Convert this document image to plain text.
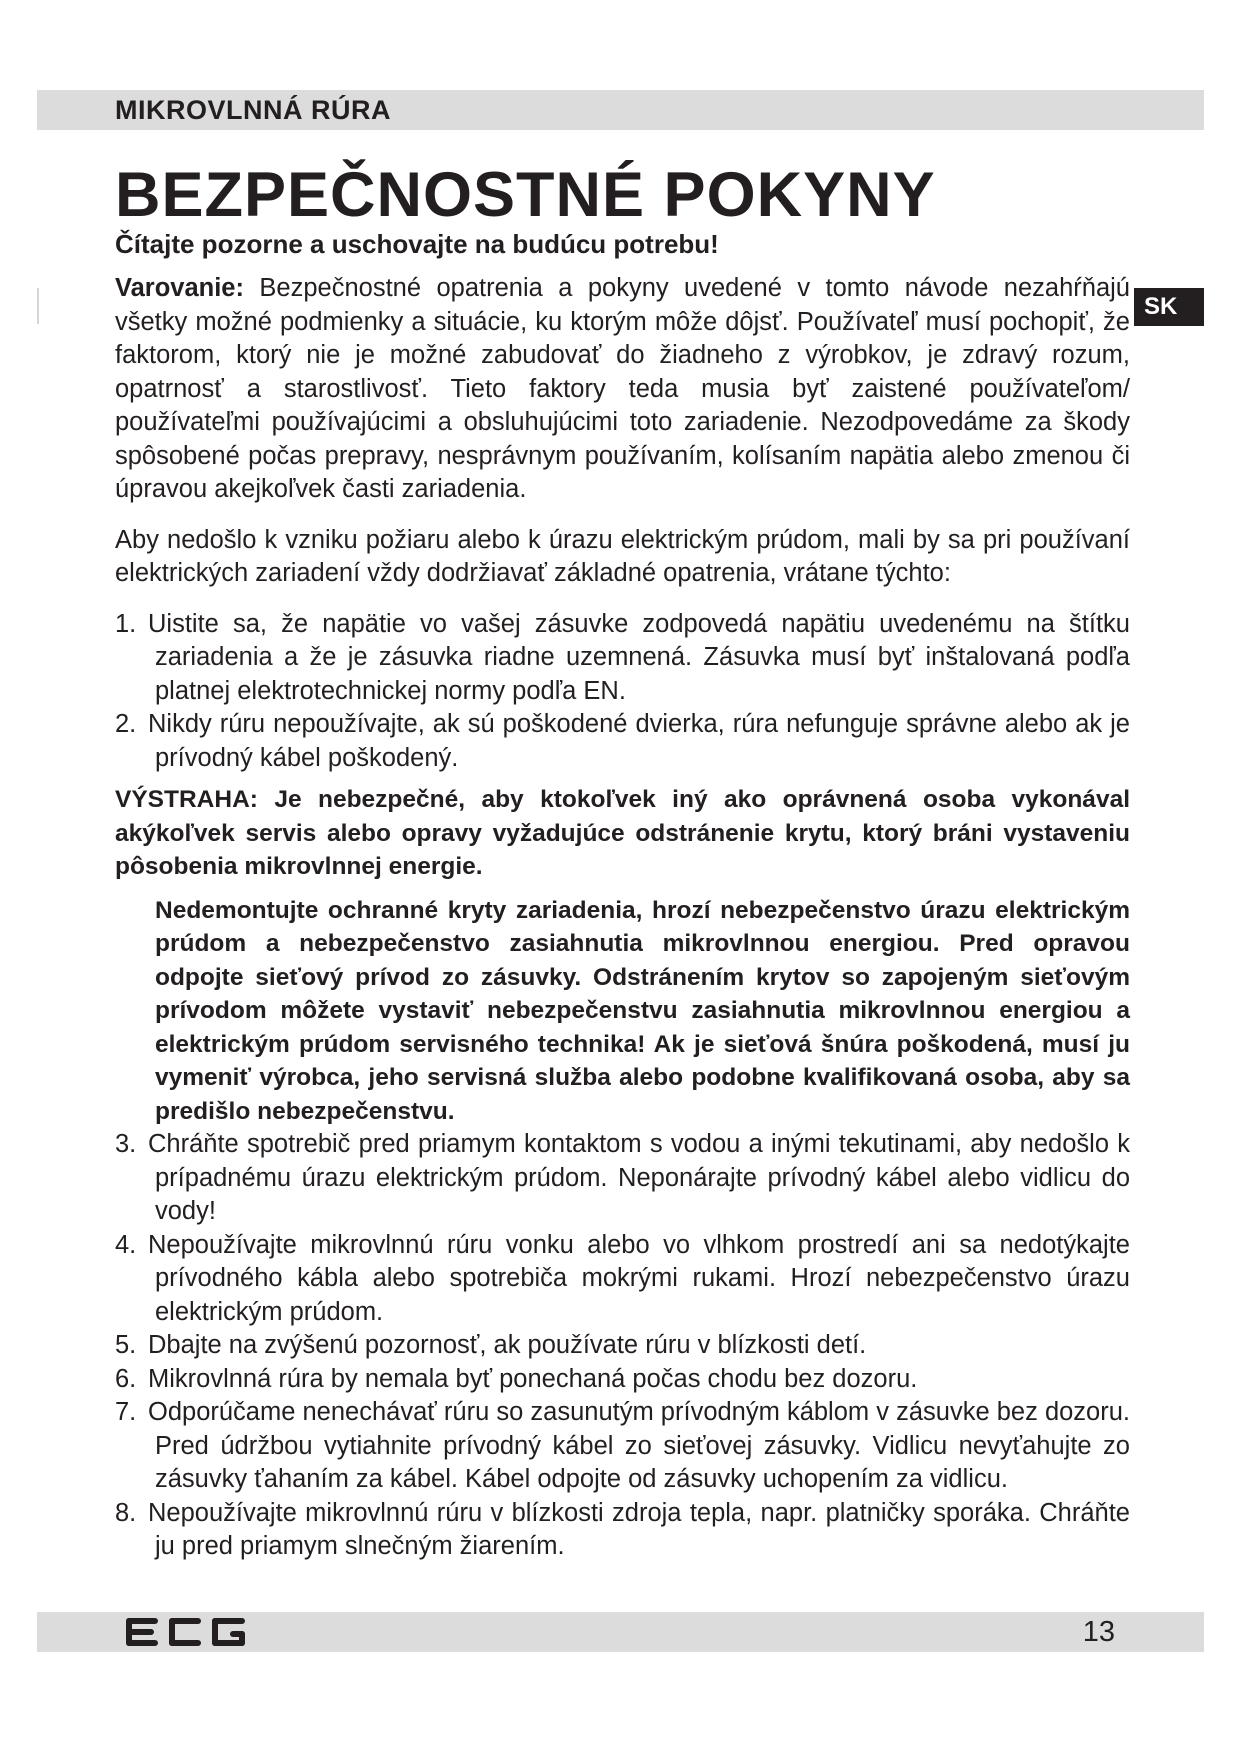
MIKROVLNNÁ RÚRA
BEZPEČNOSTNÉ POKYNY
Čítajte pozorne a uschovajte na budúcu potrebu!
SK

Varovanie: Bezpečnostné opatrenia a pokyny uvedené v tomto návode nezahŕňajú všetky možné podmienky a situácie, ku ktorým môže dôjsť. Používateľ musí pochopiť, že faktorom, ktorý nie je možné zabudovať do žiadneho z výrobkov, je zdravý rozum, opatrnosť a starostlivosť. Tieto faktory teda musia byť zaistené používateľom/ používateľmi používajúcimi a obsluhujúcimi toto zariadenie. Nezodpovedáme za škody spôsobené počas prepravy, nesprávnym používaním, kolísaním napätia alebo zmenou či úpravou akejkoľvek časti zariadenia.

Aby nedošlo k vzniku požiaru alebo k úrazu elektrickým prúdom, mali by sa pri používaní elektrických zariadení vždy dodržiavať základné opatrenia, vrátane týchto:

1. Uistite sa, že napätie vo vašej zásuvke zodpovedá napätiu uvedenému na štítku zariadenia a že je zásuvka riadne uzemnená. Zásuvka musí byť inštalovaná podľa platnej elektrotechnickej normy podľa EN.
2. Nikdy rúru nepoužívajte, ak sú poškodené dvierka, rúra nefunguje správne alebo ak je prívodný kábel poškodený.

VÝSTRAHA: Je nebezpečné, aby ktokoľvek iný ako oprávnená osoba vykonával akýkoľvek servis alebo opravy vyžadujúce odstránenie krytu, ktorý bráni vystaveniu pôsobenia mikrovlnnej energie.

Nedemontujte ochranné kryty zariadenia, hrozí nebezpečenstvo úrazu elektrickým prúdom a nebezpečenstvo zasiahnutia mikrovlnnou energiou. Pred opravou odpojte sieťový prívod zo zásuvky. Odstránením krytov so zapojeným sieťovým prívodom môžete vystaviť nebezpečenstvu zasiahnutia mikrovlnnou energiou a elektrickým prúdom servisného technika! Ak je sieťová šnúra poškodená, musí ju vymeniť výrobca, jeho servisná služba alebo podobne kvalifikovaná osoba, aby sa predišlo nebezpečenstvu.

3. Chráňte spotrebič pred priamym kontaktom s vodou a inými tekutinami, aby nedošlo k prípadnému úrazu elektrickým prúdom. Neponárajte prívodný kábel alebo vidlicu do vody!
4. Nepoužívajte mikrovlnnú rúru vonku alebo vo vlhkom prostredí ani sa nedotýkajte prívodného kábla alebo spotrebiča mokrými rukami. Hrozí nebezpečenstvo úrazu elektrickým prúdom.
5. Dbajte na zvýšenú pozornosť, ak používate rúru v blízkosti detí.
6. Mikrovlnná rúra by nemala byť ponechaná počas chodu bez dozoru.
7. Odporúčame nenechávať rúru so zasunutým prívodným káblom v zásuvke bez dozoru. Pred údržbou vytiahnite prívodný kábel zo sieťovej zásuvky. Vidlicu nevyťahujte zo zásuvky ťahaním za kábel. Kábel odpojte od zásuvky uchopením za vidlicu.
8. Nepoužívajte mikrovlnnú rúru v blízkosti zdroja tepla, napr. platničky sporáka. Chráňte ju pred priamym slnečným žiarením.
13
